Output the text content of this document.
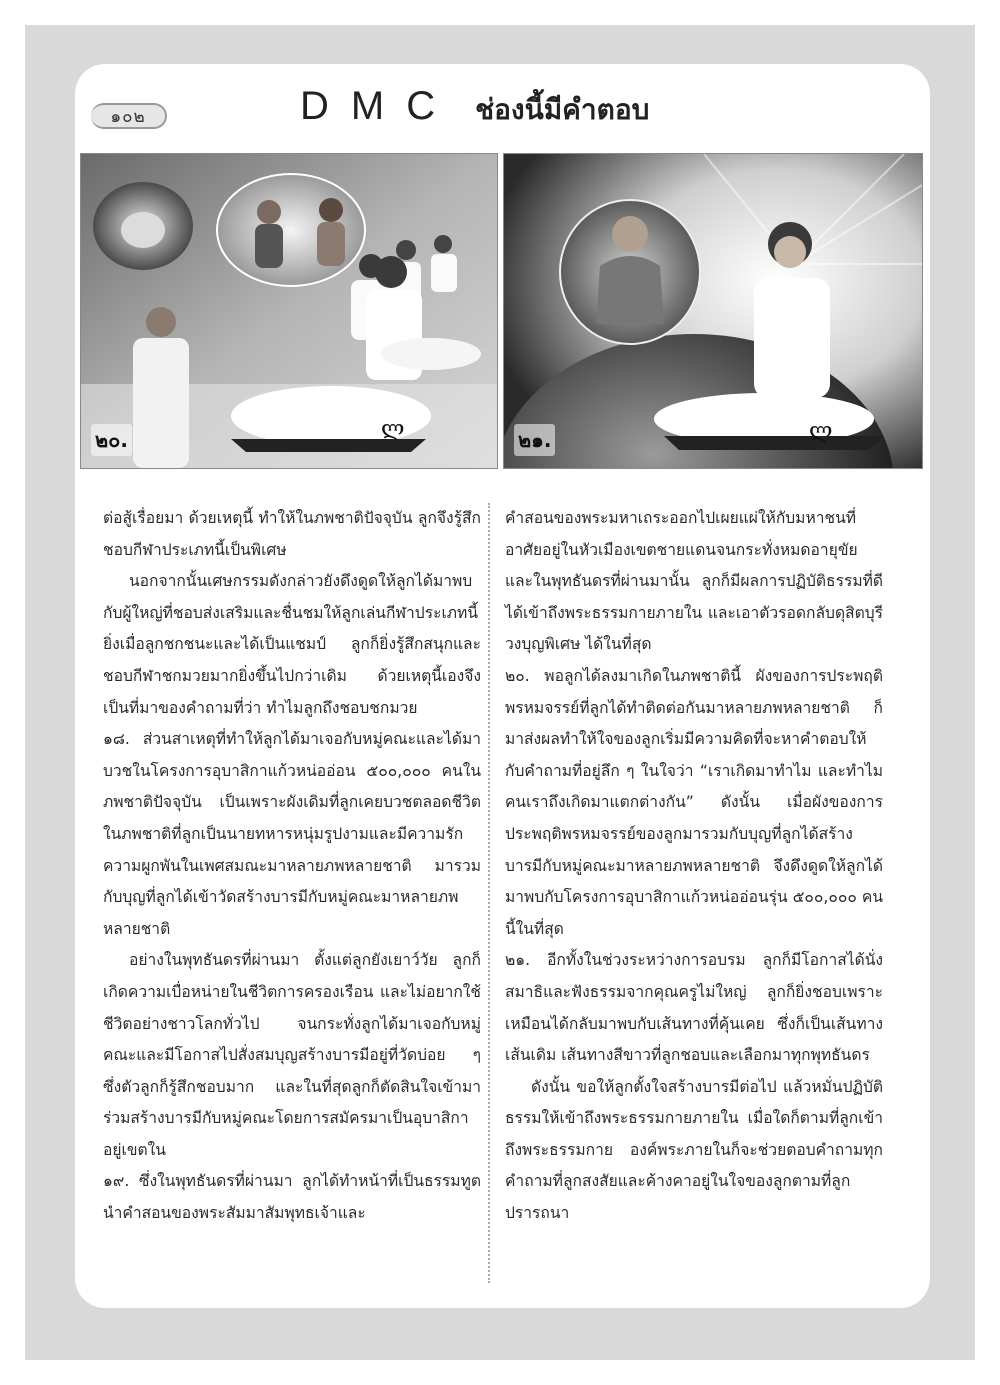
๑๐๒	DMC ช่องนี้มีคำตอบ
ლ
๒๐.	ლ
๒๑.

ต่อสู้เรื่อยมา ด้วยเหตุนี้ ทำให้ในภพชาติปัจจุบัน ลูกจึงรู้สึกชอบกีฬาประเภทนี้เป็นพิเศษ

นอกจากนั้นเศษกรรมดังกล่าวยังดึงดูดให้ลูกได้มาพบกับผู้ใหญ่ที่ชอบส่งเสริมและชื่นชมให้ลูกเล่นกีฬาประเภทนี้ ยิ่งเมื่อลูกชกชนะและได้เป็นแชมป์ ลูกก็ยิ่งรู้สึกสนุกและชอบกีฬาชกมวยมากยิ่งขึ้นไปกว่าเดิม ด้วยเหตุนี้เองจึงเป็นที่มาของคำถามที่ว่า ทำไมลูกถึงชอบชกมวย

๑๘. ส่วนสาเหตุที่ทำให้ลูกได้มาเจอกับหมู่คณะและได้มาบวชในโครงการอุบาสิกาแก้วหน่ออ่อน ๕๐๐,๐๐๐ คนในภพชาติปัจจุบัน เป็นเพราะผังเดิมที่ลูกเคยบวชตลอดชีวิตในภพชาติที่ลูกเป็นนายทหารหนุ่มรูปงามและมีความรักความผูกพันในเพศสมณะมาหลายภพหลายชาติ มารวมกับบุญที่ลูกได้เข้าวัดสร้างบารมีกับหมู่คณะมาหลายภพหลายชาติ

อย่างในพุทธันดรที่ผ่านมา ตั้งแต่ลูกยังเยาว์วัย ลูกก็เกิดความเบื่อหน่ายในชีวิตการครองเรือน และไม่อยากใช้ชีวิตอย่างชาวโลกทั่วไป จนกระทั่งลูกได้มาเจอกับหมู่คณะและมีโอกาสไปสั่งสมบุญสร้างบารมีอยู่ที่วัดบ่อย ๆ ซึ่งตัวลูกก็รู้สึกชอบมาก และในที่สุดลูกก็ตัดสินใจเข้ามาร่วมสร้างบารมีกับหมู่คณะโดยการสมัครมาเป็นอุบาสิกาอยู่เขตใน

๑๙. ซึ่งในพุทธันดรที่ผ่านมา ลูกได้ทำหน้าที่เป็นธรรมทูตนำคำสอนของพระสัมมาสัมพุทธเจ้าและ

คำสอนของพระมหาเถระออกไปเผยแผ่ให้กับมหาชนที่อาศัยอยู่ในหัวเมืองเขตชายแดนจนกระทั่งหมดอายุขัย และในพุทธันดรที่ผ่านมานั้น ลูกก็มีผลการปฏิบัติธรรมที่ดี ได้เข้าถึงพระธรรมกายภายใน และเอาตัวรอดกลับดุสิตบุรี วงบุญพิเศษ ได้ในที่สุด

๒๐. พอลูกได้ลงมาเกิดในภพชาตินี้ ผังของการประพฤติพรหมจรรย์ที่ลูกได้ทำติดต่อกันมาหลายภพหลายชาติ ก็มาส่งผลทำให้ใจของลูกเริ่มมีความคิดที่จะหาคำตอบให้กับคำถามที่อยู่ลึก ๆ ในใจว่า “เราเกิดมาทำไม และทำไมคนเราถึงเกิดมาแตกต่างกัน” ดังนั้น เมื่อผังของการประพฤติพรหมจรรย์ของลูกมารวมกับบุญที่ลูกได้สร้างบารมีกับหมู่คณะมาหลายภพหลายชาติ จึงดึงดูดให้ลูกได้มาพบกับโครงการอุบาสิกาแก้วหน่ออ่อนรุ่น ๕๐๐,๐๐๐ คนนี้ในที่สุด

๒๑. อีกทั้งในช่วงระหว่างการอบรม ลูกก็มีโอกาสได้นั่งสมาธิและฟังธรรมจากคุณครูไม่ใหญ่ ลูกก็ยิ่งชอบเพราะเหมือนได้กลับมาพบกับเส้นทางที่คุ้นเคย ซึ่งก็เป็นเส้นทางเส้นเดิม เส้นทางสีขาวที่ลูกชอบและเลือกมาทุกพุทธันดร

ดังนั้น ขอให้ลูกตั้งใจสร้างบารมีต่อไป แล้วหมั่นปฏิบัติธรรมให้เข้าถึงพระธรรมกายภายใน เมื่อใดก็ตามที่ลูกเข้าถึงพระธรรมกาย องค์พระภายในก็จะช่วยตอบคำถามทุกคำถามที่ลูกสงสัยและค้างคาอยู่ในใจของลูกตามที่ลูกปรารถนา
